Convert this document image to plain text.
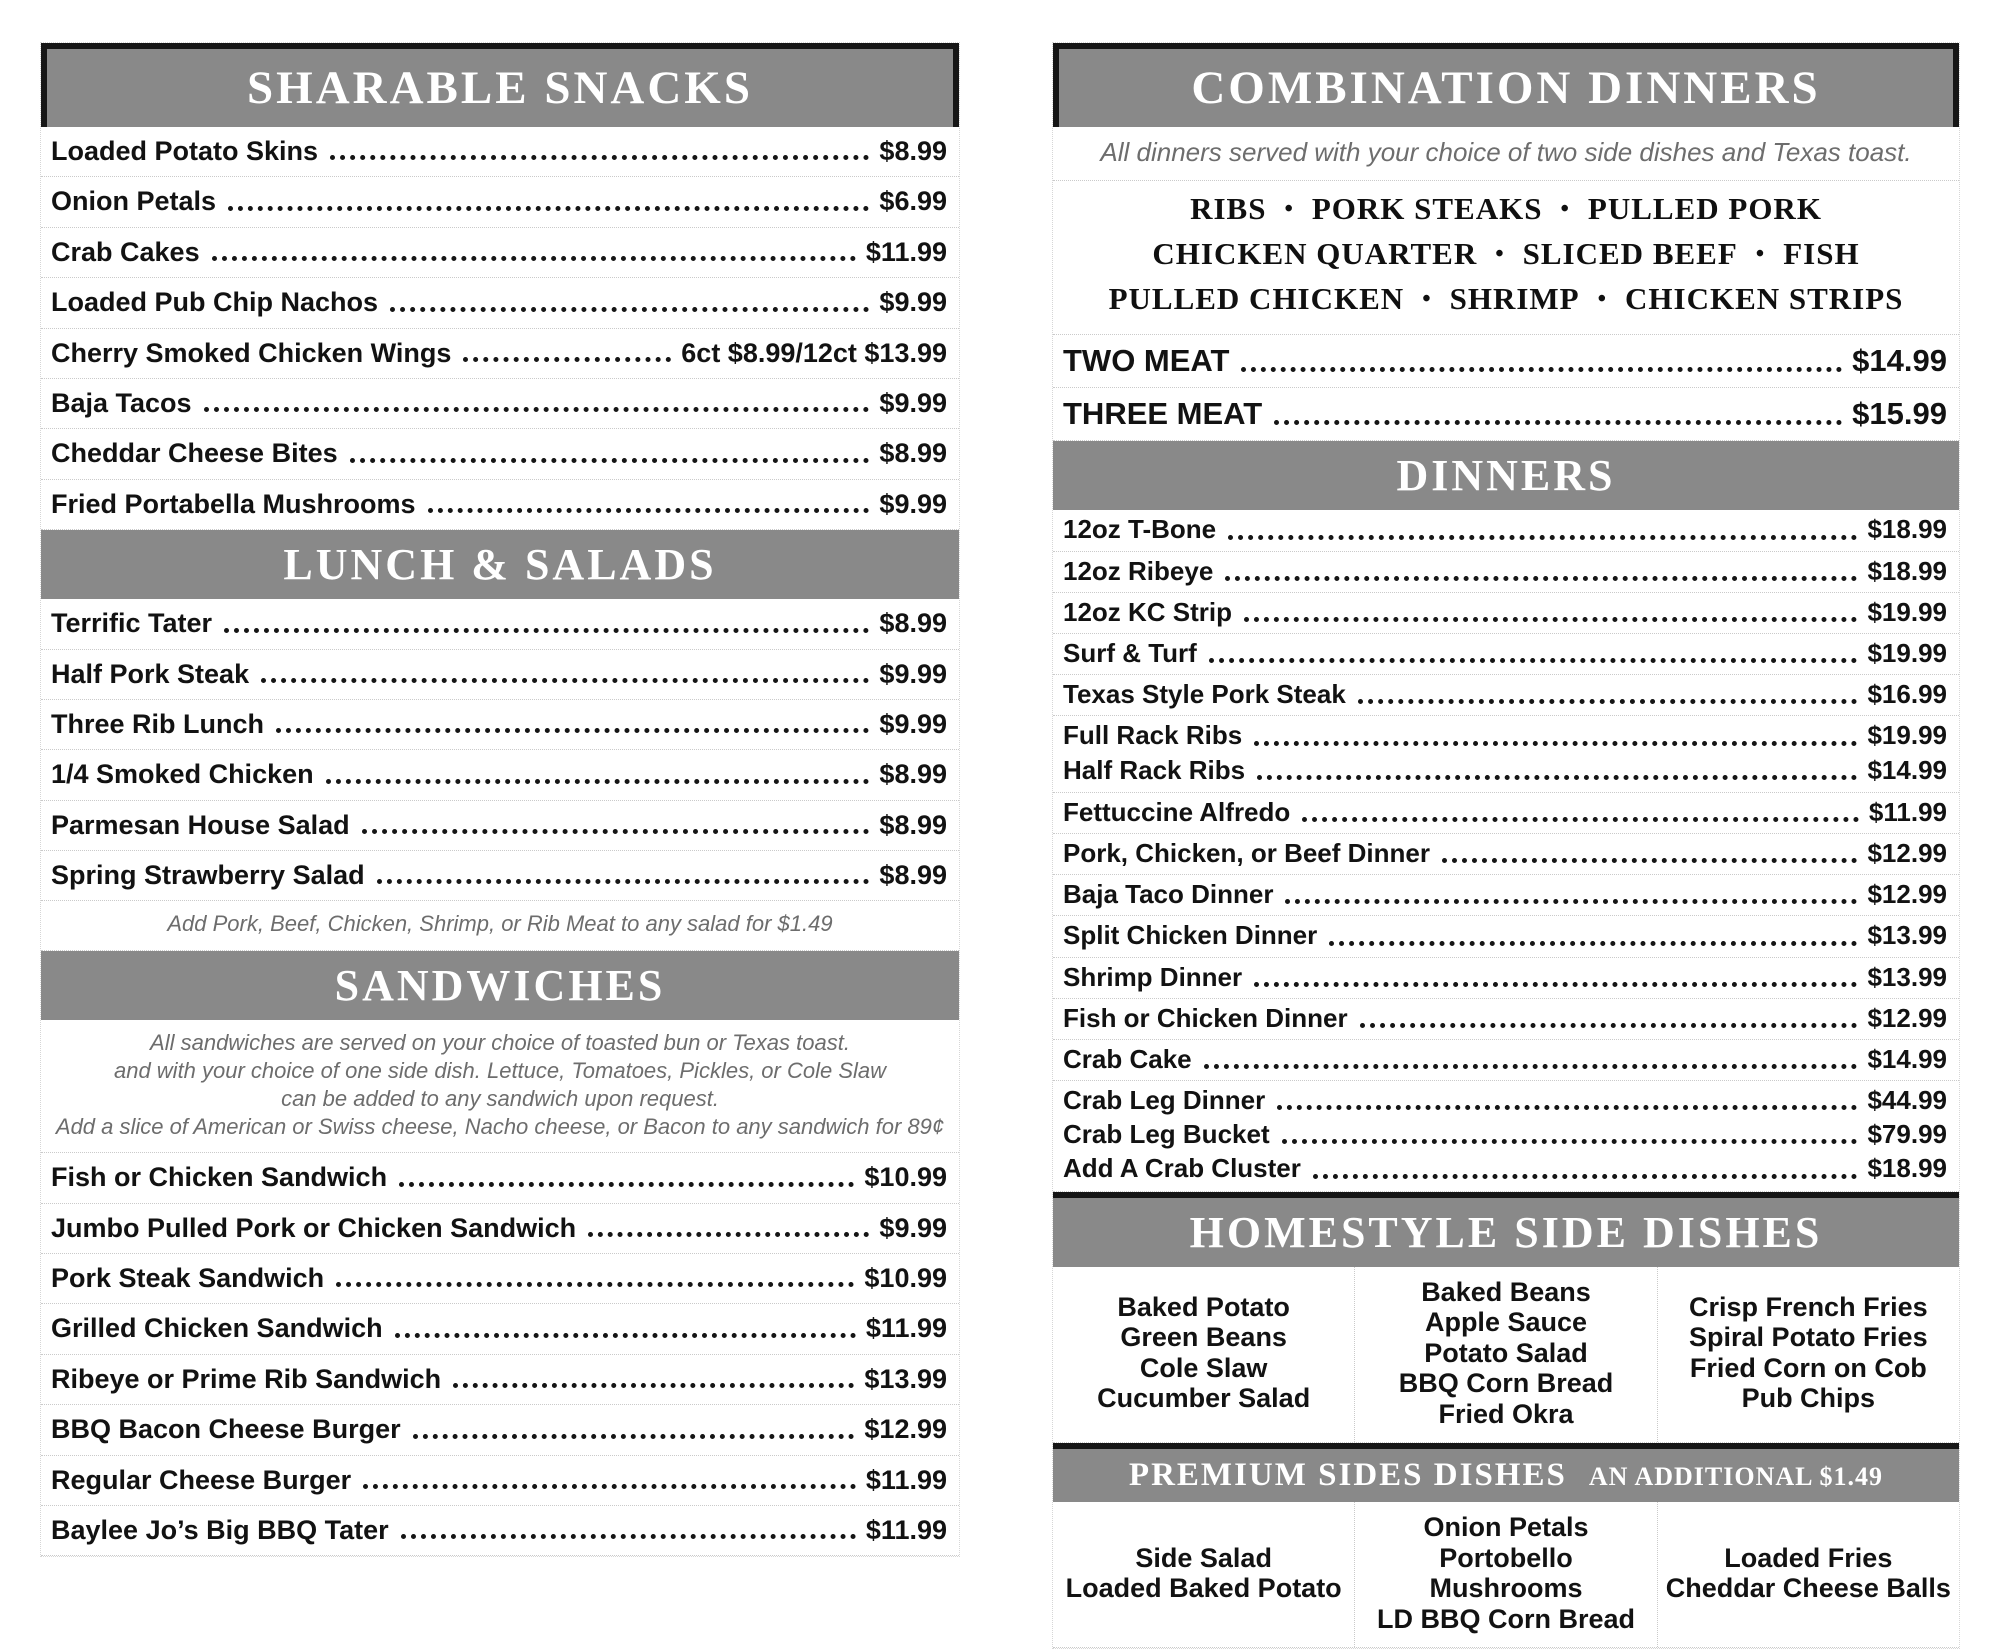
SHARABLE SNACKS
Loaded Potato Skins	$8.99
Onion Petals	$6.99
Crab Cakes	$11.99
Loaded Pub Chip Nachos	$9.99
Cherry Smoked Chicken Wings	6ct $8.99/12ct $13.99
Baja Tacos	$9.99
Cheddar Cheese Bites	$8.99
Fried Portabella Mushrooms	$9.99
LUNCH & SALADS
Terrific Tater	$8.99
Half Pork Steak	$9.99
Three Rib Lunch	$9.99
1/4 Smoked Chicken	$8.99
Parmesan House Salad	$8.99
Spring Strawberry Salad	$8.99
Add Pork, Beef, Chicken, Shrimp, or Rib Meat to any salad for $1.49
SANDWICHES
All sandwiches are served on your choice of toasted bun or Texas toast.
and with your choice of one side dish. Lettuce, Tomatoes, Pickles, or Cole Slaw
can be added to any sandwich upon request.
Add a slice of American or Swiss cheese, Nacho cheese, or Bacon to any sandwich for 89¢
Fish or Chicken Sandwich	$10.99
Jumbo Pulled Pork or Chicken Sandwich	$9.99
Pork Steak Sandwich	$10.99
Grilled Chicken Sandwich	$11.99
Ribeye or Prime Rib Sandwich	$13.99
BBQ Bacon Cheese Burger	$12.99
Regular Cheese Burger	$11.99
Baylee Jo’s Big BBQ Tater	$11.99
COMBINATION DINNERS
All dinners served with your choice of two side dishes and Texas toast.
RIBS • PORK STEAKS • PULLED PORK
CHICKEN QUARTER • SLICED BEEF • FISH
PULLED CHICKEN • SHRIMP • CHICKEN STRIPS
TWO MEAT	$14.99
THREE MEAT	$15.99
DINNERS
12oz T-Bone	$18.99
12oz Ribeye	$18.99
12oz KC Strip	$19.99
Surf & Turf	$19.99
Texas Style Pork Steak	$16.99
Full Rack Ribs	$19.99
Half Rack Ribs	$14.99
Fettuccine Alfredo	$11.99
Pork, Chicken, or Beef Dinner	$12.99
Baja Taco Dinner	$12.99
Split Chicken Dinner	$13.99
Shrimp Dinner	$13.99
Fish or Chicken Dinner	$12.99
Crab Cake	$14.99
Crab Leg Dinner	$44.99
Crab Leg Bucket	$79.99
Add A Crab Cluster	$18.99
HOMESTYLE SIDE DISHES
Baked Potato
Green Beans
Cole Slaw
Cucumber Salad
Baked Beans
Apple Sauce
Potato Salad
BBQ Corn Bread
Fried Okra
Crisp French Fries
Spiral Potato Fries
Fried Corn on Cob
Pub Chips
PREMIUM SIDES DISHES AN ADDITIONAL $1.49
Side Salad
Loaded Baked Potato
Onion Petals
Portobello Mushrooms
LD BBQ Corn Bread
Loaded Fries
Cheddar Cheese Balls
